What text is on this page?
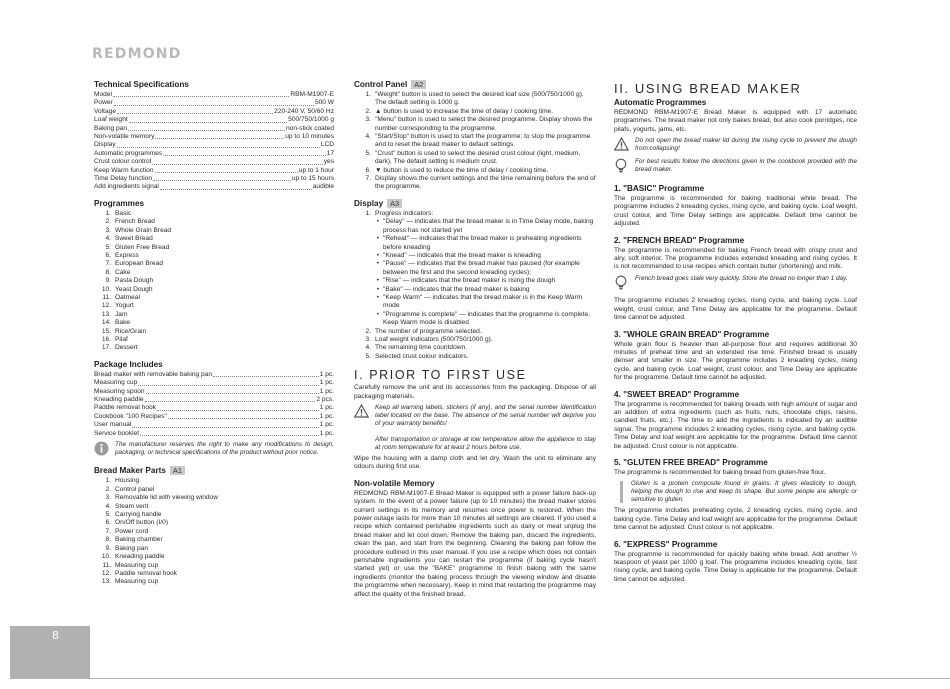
REDMOND
Technical Specifications
Model	RBM-M1907-E
Power	500 W
Voltage	220-240 V, 50/60 Hz
Loaf weight	500/750/1000 g
Baking pan	non-stick coated
Non-volatile memory	up to 10 minutes
Display	LCD
Automatic programmes	17
Crust colour control	yes
Keep Warm function	up to 1 hour
Time Delay function	up to 15 hours
Add ingredients signal	audible
Programmes
1. Basic
2. French Bread
3. Whole Grain Bread
4. Sweet Bread
5. Gluten Free Bread
6. Express
7. European Bread
8. Cake
9. Pasta Dough
10. Yeast Dough
11. Oatmeal
12. Yogurt
13. Jam
14. Bake
15. Rice/Grain
16. Pilaf
17. Dessert
Package Includes
Bread maker with removable baking pan	1 pc.
Measuring cup	1 pc.
Measuring spoon	1 pc.
Kneading paddle	2 pcs.
Paddle removal hook	1 pc.
Cookbook "100 Recipes"	1 pc.
User manual	1 pc.
Service booklet	1 pc.
The manufacturer reserves the right to make any modifications to design, packaging, or technical specifications of the product without prior notice.
Bread Maker Parts A1
1. Housing
2. Control panel
3. Removable lid with viewing window
4. Steam vent
5. Carrying handle
6. On/Off button (I/0)
7. Power cord
8. Baking chamber
9. Baking pan
10. Kneading paddle
11. Measuring cup
12. Paddle removal hook
13. Measuring cup
Control Panel A2
1. "Weight" button is used to select the desired loaf size (500/750/1000 g). The default setting is 1000 g.
2. ▲ button is used to increase the time of delay / cooking time.
3. "Menu" button is used to select the desired programme. Display shows the number corresponding to the programme.
4. "Start/Stop" button is used to start the programme; to stop the programme and to reset the bread maker to default settings.
5. "Crust" button is used to select the desired crust colour (light, medium, dark). The default setting is medium crust.
6. ▼ button is used to reduce the time of delay / cooking time.
7. Display shows the current settings and the time remaining before the end of the programme.
Display A3
1. Progress indicators:
• "Delay" — indicates that the bread maker is in Time Delay mode, baking process has not started yet
• "Reheat" — indicates that the bread maker is preheating ingredients before kneading
• "Knead" — indicates that the bread maker is kneading
• "Pause" — indicates that the bread maker has paused (for example between the first and the second kneading cycles);
• "Rise" — indicates that the bread maker is rising the dough
• "Bake" — indicates that the bread maker is baking
• "Keep Warm" — indicates that the bread maker is in the Keep Warm mode
• "Programme is complete" — indicates that the programme is complete, Keep Warm mode is disabled
2. The number of programme selected.
3. Loaf weight indicators (500/750/1000 g).
4. The remaining time countdown.
5. Selected crust colour indicators.
I. PRIOR TO FIRST USE

Carefully remove the unit and its accessories from the packaging. Dispose of all packaging materials.

Keep all warning labels, stickers (if any), and the serial number identification label located on the base. The absence of the serial number will deprive you of your warranty benefits!

After transportation or storage at low temperature allow the appliance to stay at room temperature for at least 2 hours before use.

Wipe the housing with a damp cloth and let dry. Wash the unit to eliminate any odours during first use.

Non-volatile Memory

REDMOND RBM-M1907-E Bread Maker is equipped with a power failure back-up system. In the event of a power failure (up to 10 minutes) the bread maker stores current settings in its memory and resumes once power is restored. When the power outage lasts for more than 10 minutes all settings are cleared. If you used a recipe which contained perishable ingredients such as dairy or meat unplug the bread maker and let cool down. Remove the baking pan, discard the ingredients, clean the pan, and start from the beginning. Cleaning the baking pan follow the procedure outlined in this user manual. If you use a recipe which does not contain perishable ingredients you can restart the programme (if baking cycle hasn't started yet) or use the "BAKE" programme to finish baking with the same ingredients (monitor the baking process through the viewing window and disable the programme when necessary). Keep in mind that restarting the programme may affect the quality of the finished bread.

II. USING BREAD MAKER
Automatic Programmes

REDMOND RBM-M1907-E Bread Maker is equipped with 17 automatic programmes. The bread maker not only bakes bread, but also cook porridges, rice pilafs, yogurts, jams, etc.

Do not open the bread maker lid during the rising cycle to prevent the dough from collapsing!
For best results follow the directions given in the cookbook provided with the bread maker.
1. "BASIC" Programme

The programme is recommended for baking traditional white bread. The programme includes 2 kneading cycles, rising cycle, and baking cycle. Loaf weight, crust colour, and Time Delay settings are applicable. Default time cannot be adjusted.

2. "FRENCH BREAD" Programme

The programme is recommended for baking French bread with crispy crust and airy, soft interior. The programme includes extended kneading and rising cycles. It is not recommended to use recipes which contain butter (shortening) and milk.

French bread goes stale very quickly. Store the bread no longer than 1 day.

The programme includes 2 kneading cycles, rising cycle, and baking cycle. Loaf weight, crust colour, and Time Delay are applicable for the programme. Default time cannot be adjusted.

3. "WHOLE GRAIN BREAD" Programme

Whole grain flour is heavier than all-purpose flour and requires additional 30 minutes of preheat time and an extended rise time. Finished bread is usually denser and smaller in size. The programme includes 2 kneading cycles, rising cycle, and baking cycle. Loaf weight, crust colour, and Time Delay are applicable for the programme. Default time cannot be adjusted.

4. "SWEET BREAD" Programme

The programme is recommended for baking breads with high amount of sugar and an addition of extra ingredients (such as fruits, nuts, chocolate chips, raisins, candied fruits, etc.). The time to add the ingredients is indicated by an audible signal. The programme includes 2 kneading cycles, rising cycle, and baking cycle. Time Delay and loaf weight are applicable for the programme. Default time cannot be adjusted. Crust colour is not applicable.

5. "GLUTEN FREE BREAD" Programme

The programme is recommended for baking bread from gluten-free flour.

Gluten is a protein composite found in grains. It gives elasticity to dough, helping the dough to rise and keep its shape. But some people are allergic or sensitive to gluten.

The programme includes preheating cycle, 2 kneading cycles, rising cycle, and baking cycle. Time Delay and loaf weight are applicable for the programme. Default time cannot be adjusted. Crust colour is not applicable.

6. "EXPRESS" Programme

The programme is recommended for quickly baking white bread. Add another ½ teaspoon of yeast per 1000 g loaf. The programme includes kneading cycle, fast rising cycle, and baking cycle. Time Delay is applicable for the programme. Default time cannot be adjusted.

8
